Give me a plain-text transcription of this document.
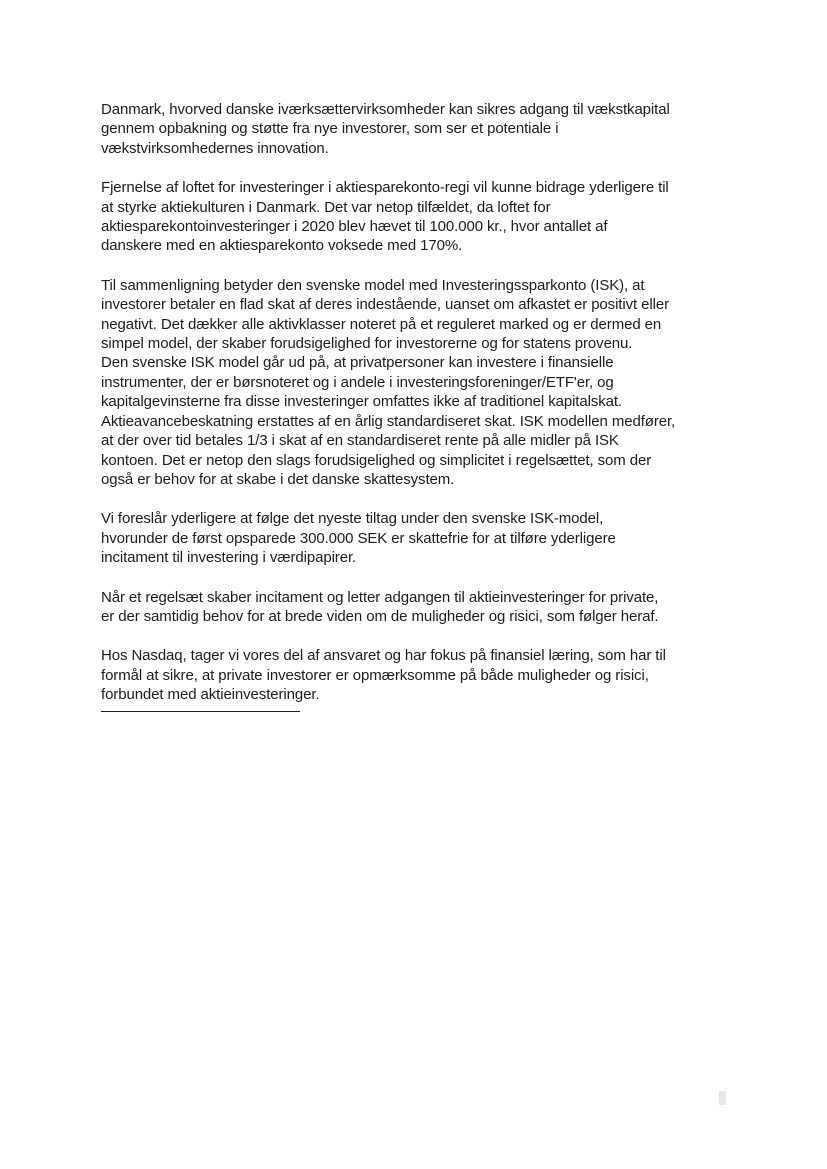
Danmark, hvorved danske iværksættervirksomheder kan sikres adgang til vækstkapital
gennem opbakning og støtte fra nye investorer, som ser et potentiale i
vækstvirksomhedernes innovation.

Fjernelse af loftet for investeringer i aktiesparekonto-regi vil kunne bidrage yderligere til
at styrke aktiekulturen i Danmark. Det var netop tilfældet, da loftet for
aktiesparekontoinvesteringer i 2020 blev hævet til 100.000 kr., hvor antallet af
danskere med en aktiesparekonto voksede med 170%.

Til sammenligning betyder den svenske model med Investeringssparkonto (ISK), at
investorer betaler en flad skat af deres indestående, uanset om afkastet er positivt eller
negativt. Det dækker alle aktivklasser noteret på et reguleret marked og er dermed en
simpel model, der skaber forudsigelighed for investorerne og for statens provenu.

Den svenske ISK model går ud på, at privatpersoner kan investere i finansielle
instrumenter, der er børsnoteret og i andele i investeringsforeninger/ETF'er, og
kapitalgevinsterne fra disse investeringer omfattes ikke af traditionel kapitalskat.
Aktieavancebeskatning erstattes af en årlig standardiseret skat. ISK modellen medfører,
at der over tid betales 1/3 i skat af en standardiseret rente på alle midler på ISK
kontoen. Det er netop den slags forudsigelighed og simplicitet i regelsættet, som der
også er behov for at skabe i det danske skattesystem.

Vi foreslår yderligere at følge det nyeste tiltag under den svenske ISK-model,
hvorunder de først opsparede 300.000 SEK er skattefrie for at tilføre yderligere
incitament til investering i værdipapirer.

Når et regelsæt skaber incitament og letter adgangen til aktieinvesteringer for private,
er der samtidig behov for at brede viden om de muligheder og risici, som følger heraf.

Hos Nasdaq, tager vi vores del af ansvaret og har fokus på finansiel læring, som har til
formål at sikre, at private investorer er opmærksomme på både muligheder og risici,
forbundet med aktieinvesteringer.
